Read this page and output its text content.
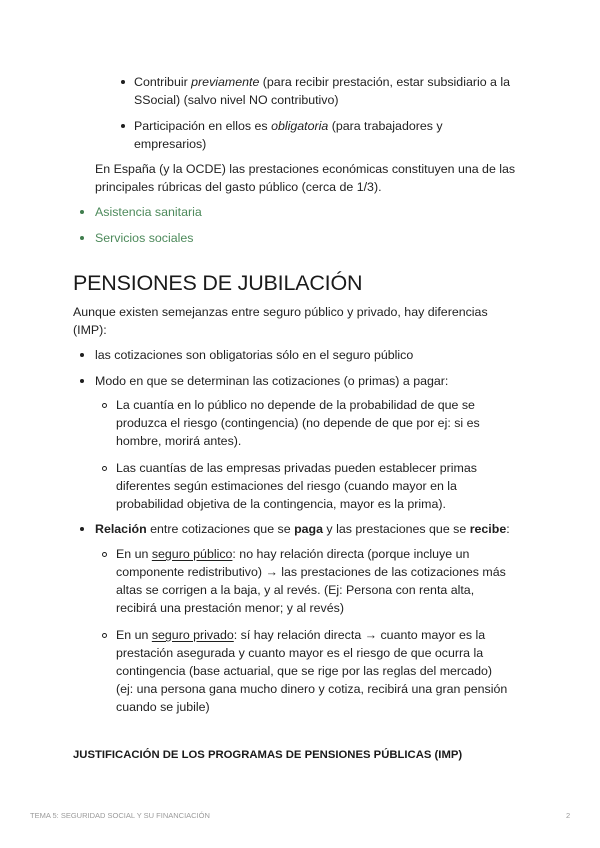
Contribuir previamente (para recibir prestación, estar subsidiario a la
SSocial) (salvo nivel NO contributivo)
Participación en ellos es obligatoria (para trabajadores y
empresarios)
En España (y la OCDE) las prestaciones económicas constituyen una de las
principales rúbricas del gasto público (cerca de 1/3).
Asistencia sanitaria
Servicios sociales
PENSIONES DE JUBILACIÓN
Aunque existen semejanzas entre seguro público y privado, hay diferencias
(IMP):
las cotizaciones son obligatorias sólo en el seguro público
Modo en que se determinan las cotizaciones (o primas) a pagar:
La cuantía en lo público no depende de la probabilidad de que se
produzca el riesgo (contingencia) (no depende de que por ej: si es
hombre, morirá antes).
Las cuantías de las empresas privadas pueden establecer primas
diferentes según estimaciones del riesgo (cuando mayor en la
probabilidad objetiva de la contingencia, mayor es la prima).
Relación entre cotizaciones que se paga y las prestaciones que se recibe:
En un seguro público: no hay relación directa (porque incluye un
componente redistributivo) → las prestaciones de las cotizaciones más
altas se corrigen a la baja, y al revés. (Ej: Persona con renta alta,
recibirá una prestación menor; y al revés)
En un seguro privado: sí hay relación directa → cuanto mayor es la
prestación asegurada y cuanto mayor es el riesgo de que ocurra la
contingencia (base actuarial, que se rige por las reglas del mercado)
(ej: una persona gana mucho dinero y cotiza, recibirá una gran pensión
cuando se jubile)
JUSTIFICACIÓN DE LOS PROGRAMAS DE PENSIONES PÚBLICAS (IMP)
TEMA 5: SEGURIDAD SOCIAL Y SU FINANCIACIÓN	2
